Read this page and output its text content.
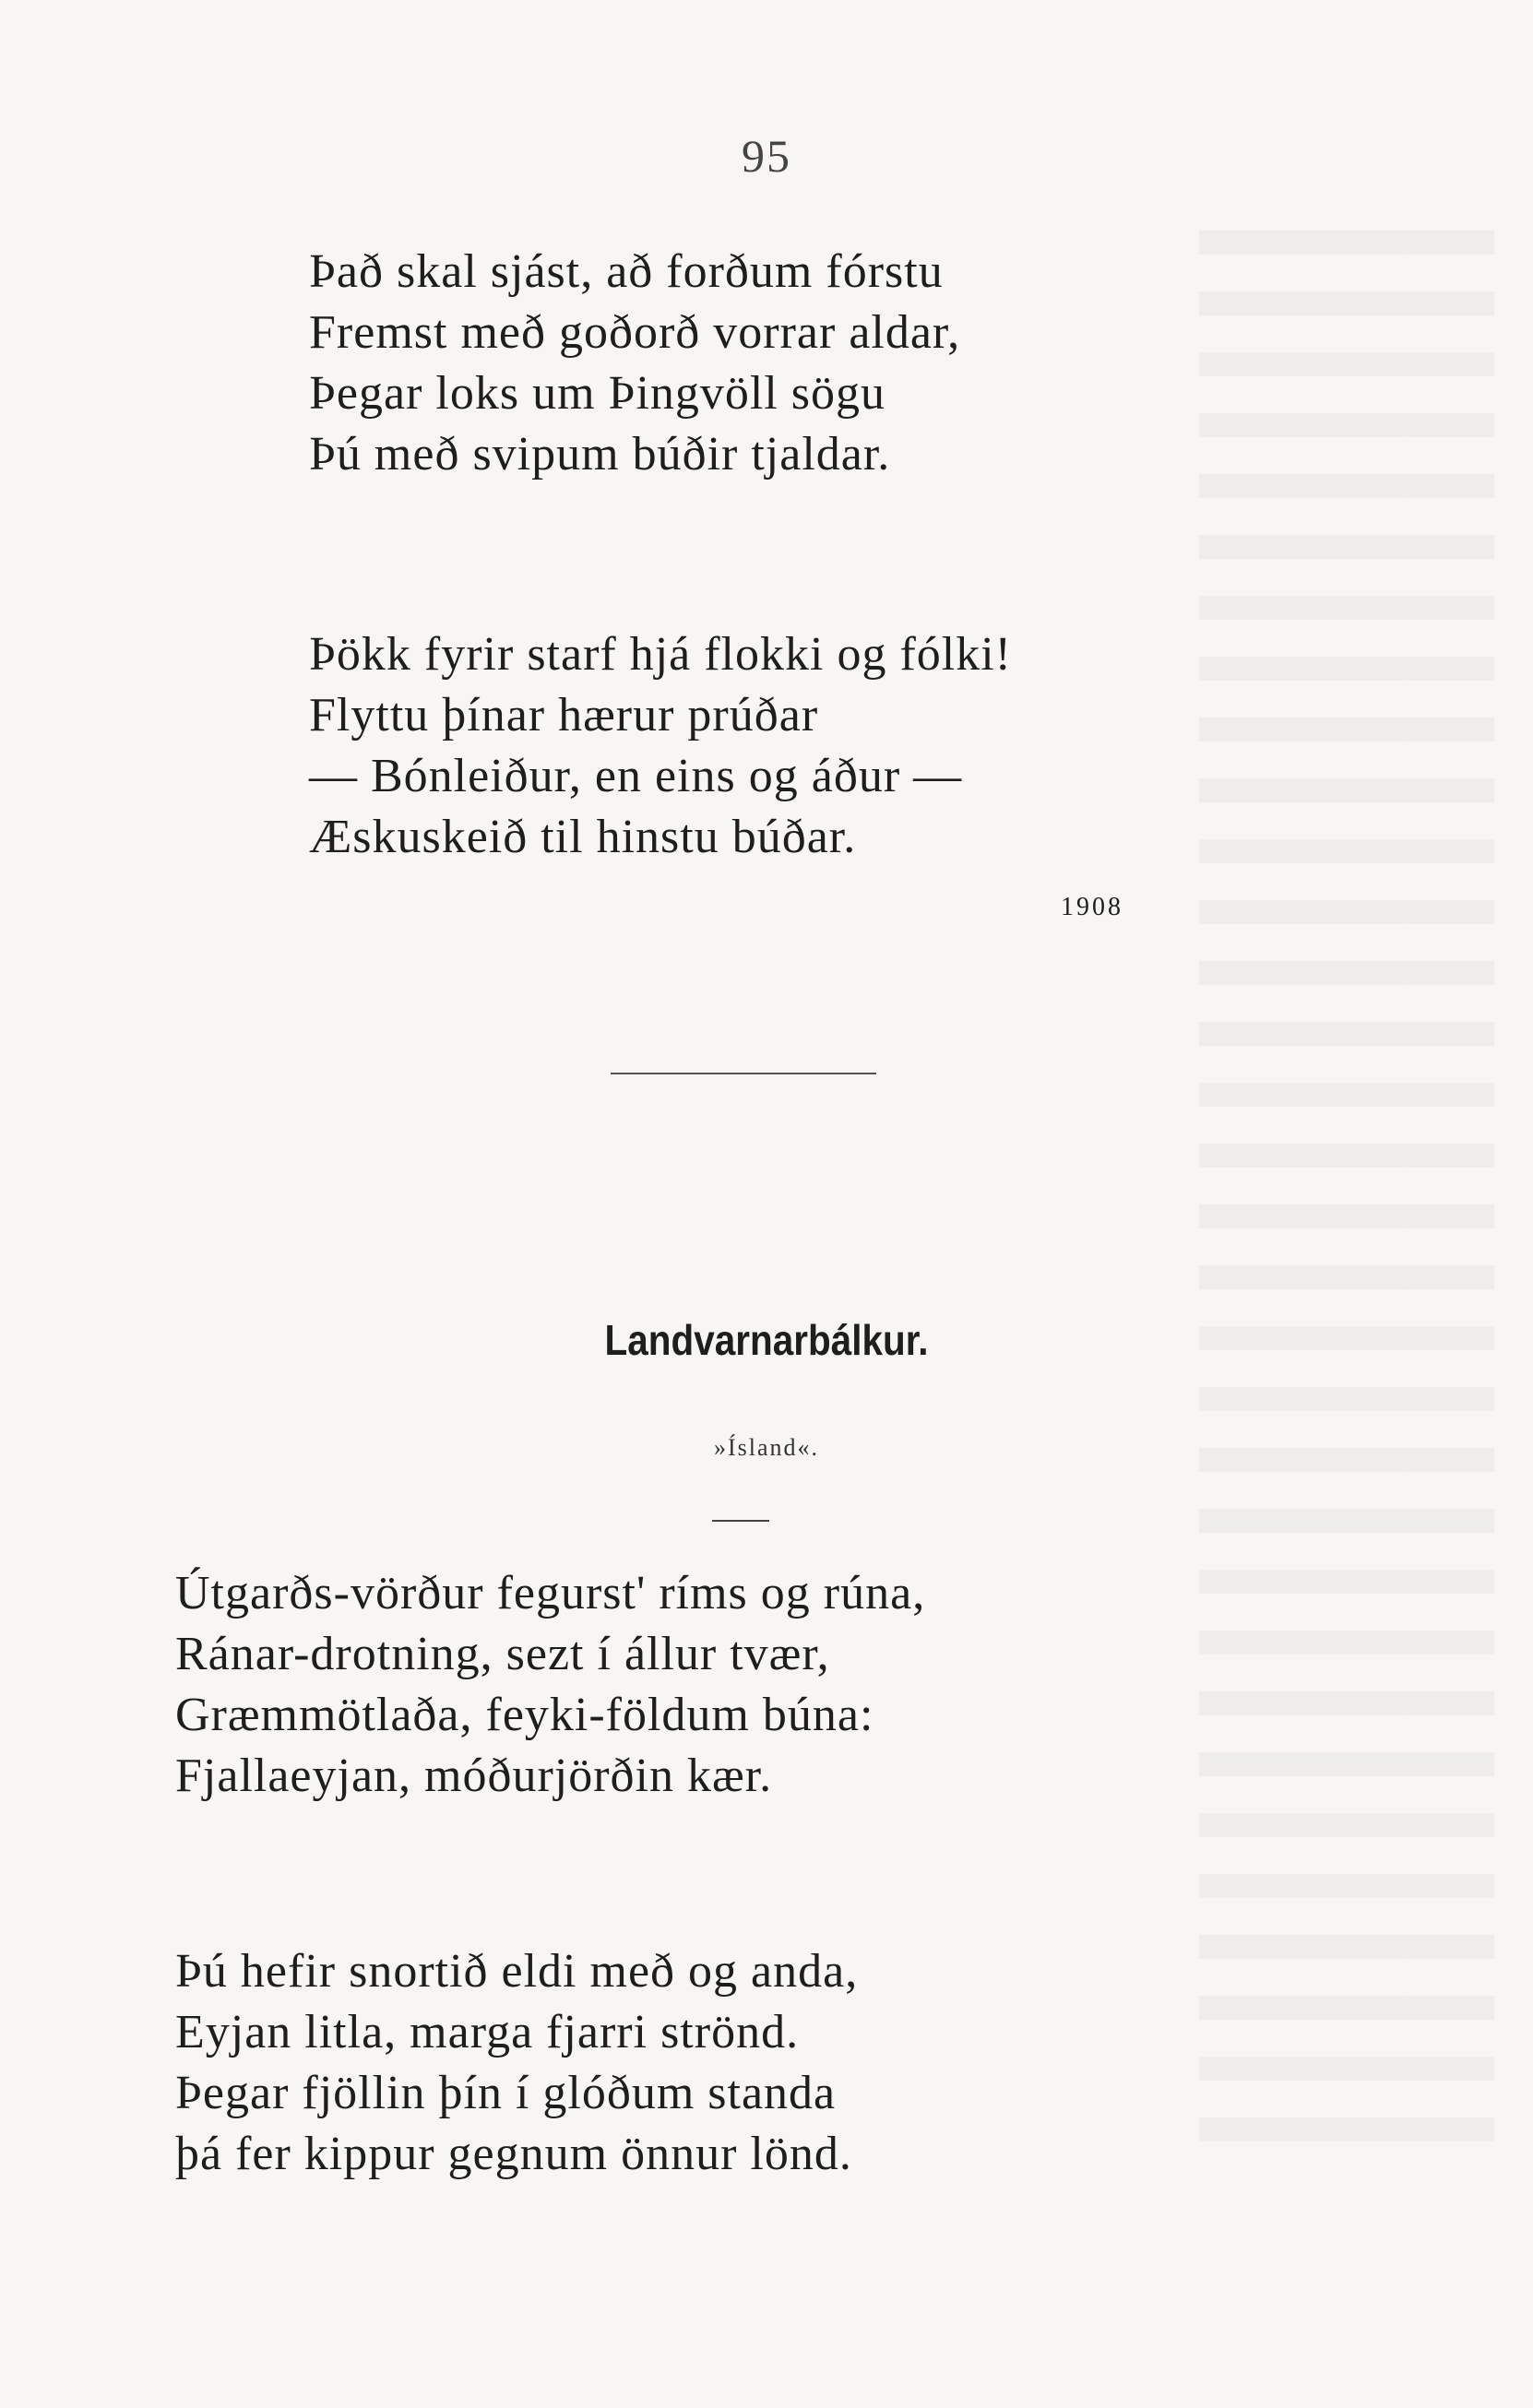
95
Það skal sjást, að forðum fórstu
Fremst með goðorð vorrar aldar,
Þegar loks um Þingvöll sögu
Þú með svipum búðir tjaldar.
Þökk fyrir starf hjá flokki og fólki!
Flyttu þínar hærur prúðar
— Bónleiður, en eins og áður —
Æskuskeið til hinstu búðar.
1908
Landvarnarbálkur.
»Ísland«.
Útgarðs-vörður fegurst' ríms og rúna,
Ránar-drotning, sezt í állur tvær,
Græmmötlaða, feyki-földum búna:
Fjallaeyjan, móðurjörðin kær.
Þú hefir snortið eldi með og anda,
Eyjan litla, marga fjarri strönd.
Þegar fjöllin þín í glóðum standa
þá fer kippur gegnum önnur lönd.
